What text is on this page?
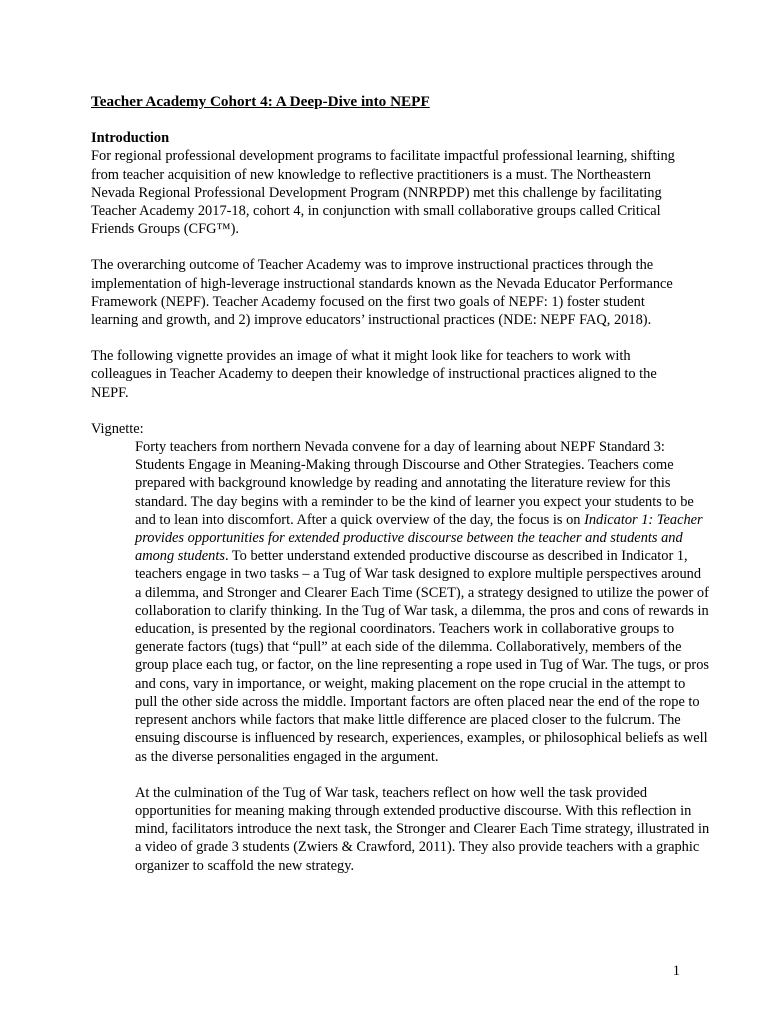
Teacher Academy Cohort 4: A Deep-Dive into NEPF
Introduction

For regional professional development programs to facilitate impactful professional learning, shifting from teacher acquisition of new knowledge to reflective practitioners is a must. The Northeastern Nevada Regional Professional Development Program (NNRPDP) met this challenge by facilitating Teacher Academy 2017-18, cohort 4, in conjunction with small collaborative groups called Critical Friends Groups (CFG™).

The overarching outcome of Teacher Academy was to improve instructional practices through the implementation of high-leverage instructional standards known as the Nevada Educator Performance Framework (NEPF). Teacher Academy focused on the first two goals of NEPF: 1) foster student learning and growth, and 2) improve educators’ instructional practices (NDE: NEPF FAQ, 2018).

The following vignette provides an image of what it might look like for teachers to work with colleagues in Teacher Academy to deepen their knowledge of instructional practices aligned to the NEPF.

Vignette:

Forty teachers from northern Nevada convene for a day of learning about NEPF Standard 3: Students Engage in Meaning-Making through Discourse and Other Strategies. Teachers come prepared with background knowledge by reading and annotating the literature review for this standard. The day begins with a reminder to be the kind of learner you expect your students to be and to lean into discomfort. After a quick overview of the day, the focus is on Indicator 1: Teacher provides opportunities for extended productive discourse between the teacher and students and among students. To better understand extended productive discourse as described in Indicator 1, teachers engage in two tasks – a Tug of War task designed to explore multiple perspectives around a dilemma, and Stronger and Clearer Each Time (SCET), a strategy designed to utilize the power of collaboration to clarify thinking. In the Tug of War task, a dilemma, the pros and cons of rewards in education, is presented by the regional coordinators. Teachers work in collaborative groups to generate factors (tugs) that “pull” at each side of the dilemma. Collaboratively, members of the group place each tug, or factor, on the line representing a rope used in Tug of War. The tugs, or pros and cons, vary in importance, or weight, making placement on the rope crucial in the attempt to pull the other side across the middle. Important factors are often placed near the end of the rope to represent anchors while factors that make little difference are placed closer to the fulcrum. The ensuing discourse is influenced by research, experiences, examples, or philosophical beliefs as well as the diverse personalities engaged in the argument.

At the culmination of the Tug of War task, teachers reflect on how well the task provided opportunities for meaning making through extended productive discourse. With this reflection in mind, facilitators introduce the next task, the Stronger and Clearer Each Time strategy, illustrated in a video of grade 3 students (Zwiers & Crawford, 2011). They also provide teachers with a graphic organizer to scaffold the new strategy.

1
